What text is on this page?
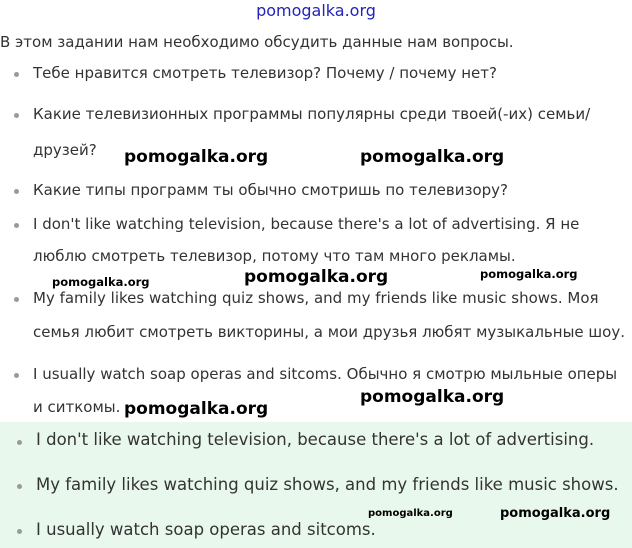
pomogalka.org
В этом задании нам необходимо обсудить данные нам вопросы.
Тебе нравится смотреть телевизор? Почему / почему нет?
Какие телевизионных программы популярны среди твоей(-их) семьи/
друзей?
Какие типы программ ты обычно смотришь по телевизору?
I don't like watching television, because there's a lot of advertising. Я не
люблю смотреть телевизор, потому что там много рекламы.
My family likes watching quiz shows, and my friends like music shows. Моя
семья любит смотреть викторины, а мои друзья любят музыкальные шоу.
I usually watch soap operas and sitcoms. Обычно я смотрю мыльные оперы
и ситкомы.
I don't like watching television, because there's a lot of advertising.
My family likes watching quiz shows, and my friends like music shows.
I usually watch soap operas and sitcoms.
pomogalka.org	pomogalka.org
pomogalka.org	pomogalka.org	pomogalka.org
pomogalka.org
pomogalka.org
pomogalka.org	pomogalka.org
